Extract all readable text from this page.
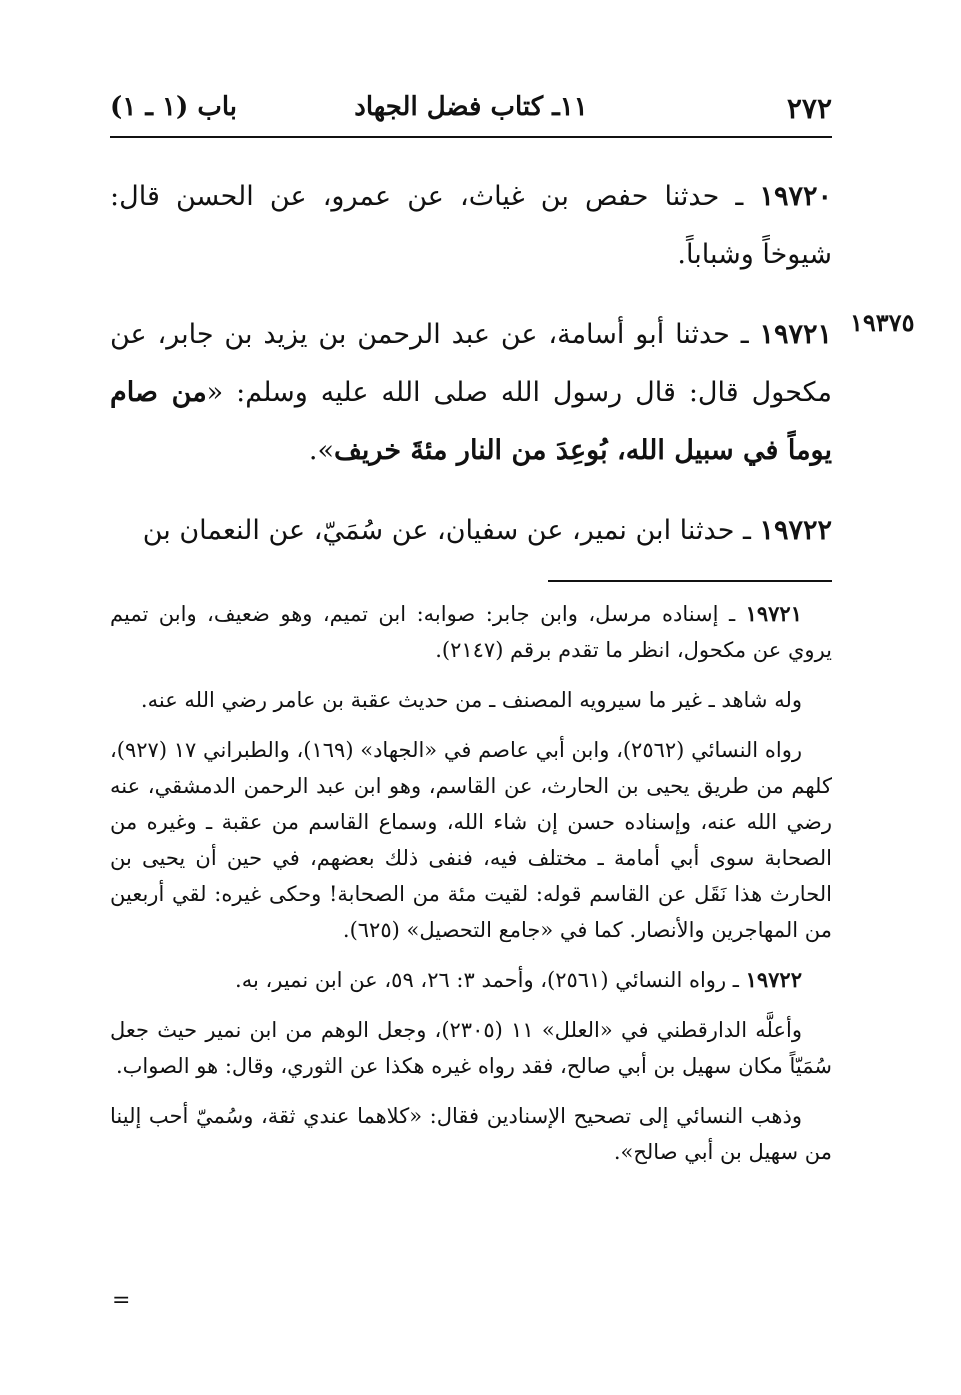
٢٧٢
١١ـ كتاب فضل الجهاد
باب (١ ـ ١)
١٩٣٧٥

١٩٧٢٠ ـ حدثنا حفص بن غياث، عن عمرو، عن الحسن قال: شيوخاً وشباباً.

١٩٧٢١ ـ حدثنا أبو أسامة، عن عبد الرحمن بن يزيد بن جابر، عن مكحول قال: قال رسول الله صلى الله عليه وسلم: «من صام يوماً في سبيل الله، بُوعِدَ من النار مئةَ خريف».

١٩٧٢٢ ـ حدثنا ابن نمير، عن سفيان، عن سُمَيّ، عن النعمان بن

١٩٧٢١ ـ إسناده مرسل، وابن جابر: صوابه: ابن تميم، وهو ضعيف، وابن تميم يروي عن مكحول، انظر ما تقدم برقم (٢١٤٧).

وله شاهد ـ غير ما سيرويه المصنف ـ من حديث عقبة بن عامر رضي الله عنه.

رواه النسائي (٢٥٦٢)، وابن أبي عاصم في «الجهاد» (١٦٩)، والطبراني ١٧ (٩٢٧)، كلهم من طريق يحيى بن الحارث، عن القاسم، وهو ابن عبد الرحمن الدمشقي، عنه رضي الله عنه، وإسناده حسن إن شاء الله، وسماع القاسم من عقبة ـ وغيره من الصحابة سوى أبي أمامة ـ مختلف فيه، فنفى ذلك بعضهم، في حين أن يحيى بن الحارث هذا نَقَل عن القاسم قوله: لقيت مئة من الصحابة! وحكى غيره: لقي أربعين من المهاجرين والأنصار. كما في «جامع التحصيل» (٦٢٥).

١٩٧٢٢ ـ رواه النسائي (٢٥٦١)، وأحمد ٣: ٢٦، ٥٩، عن ابن نمير، به.

وأعلَّه الدارقطني في «العلل» ١١ (٢٣٠٥)، وجعل الوهم من ابن نمير حيث جعل سُمَيّاً مكان سهيل بن أبي صالح، فقد رواه غيره هكذا عن الثوري، وقال: هو الصواب.

وذهب النسائي إلى تصحيح الإسنادين فقال: «كلاهما عندي ثقة، وسُميّ أحب إلينا من سهيل بن أبي صالح».

=
